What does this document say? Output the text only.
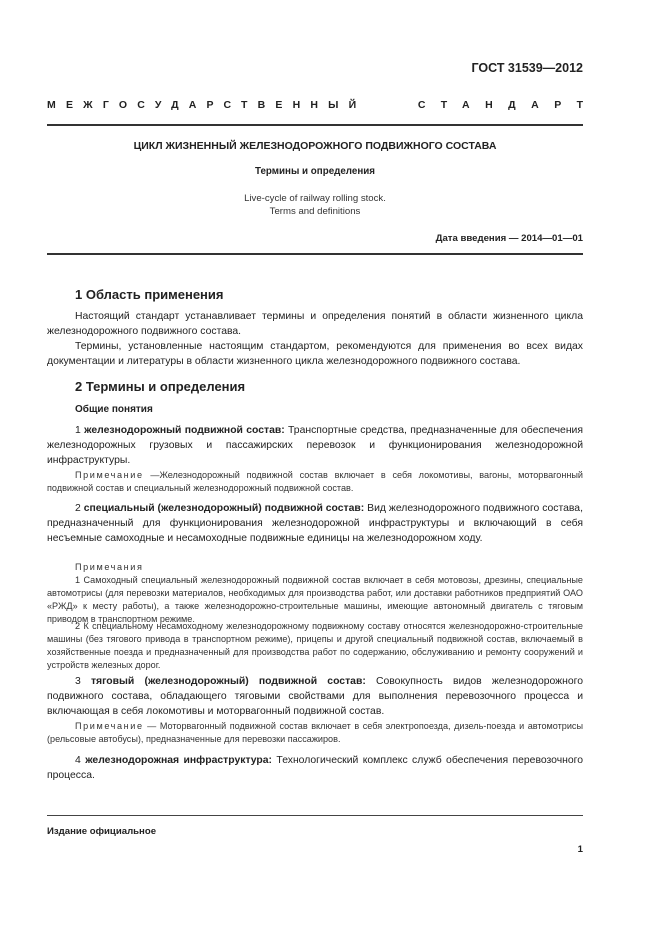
ГОСТ 31539—2012
МЕЖГОСУДАРСТВЕННЫЙ	СТАНДАРТ
ЦИКЛ ЖИЗНЕННЫЙ ЖЕЛЕЗНОДОРОЖНОГО ПОДВИЖНОГО СОСТАВА
Термины и определения
Live-cycle of railway rolling stock.
Terms and definitions
Дата введения — 2014—01—01
1 Область применения
Настоящий стандарт устанавливает термины и определения понятий в области жизненного цикла железнодорожного подвижного состава.
Термины, установленные настоящим стандартом, рекомендуются для применения во всех видах документации и литературы в области жизненного цикла железнодорожного подвижного состава.
2 Термины и определения
Общие понятия
1 железнодорожный подвижной состав: Транспортные средства, предназначенные для обеспечения железнодорожных грузовых и пассажирских перевозок и функционирования железнодорожной инфраструктуры.
Примечание —Железнодорожный подвижной состав включает в себя локомотивы, вагоны, моторвагонный подвижной состав и специальный железнодорожный подвижной состав.
2 специальный (железнодорожный) подвижной состав: Вид железнодорожного подвижного состава, предназначенный для функционирования железнодорожной инфраструктуры и включающий в себя несъемные самоходные и несамоходные подвижные единицы на железнодорожном ходу.
Примечания
1 Самоходный специальный железнодорожный подвижной состав включает в себя мотовозы, дрезины, специальные автомотрисы (для перевозки материалов, необходимых для производства работ, или доставки работников предприятий ОАО «РЖД» к месту работы), а также железнодорожно-строительные машины, имеющие автономный двигатель с тяговым приводом в транспортном режиме.
2 К специальному несамоходному железнодорожному подвижному составу относятся железнодорожно-строительные машины (без тягового привода в транспортном режиме), прицепы и другой специальный подвижной состав, включаемый в хозяйственные поезда и предназначенный для производства работ по содержанию, обслуживанию и ремонту сооружений и устройств железных дорог.
3 тяговый (железнодорожный) подвижной состав: Совокупность видов железнодорожного подвижного состава, обладающего тяговыми свойствами для выполнения перевозочного процесса и включающая в себя локомотивы и моторвагонный подвижной состав.
Примечание — Моторвагонный подвижной состав включает в себя электропоезда, дизель-поезда и автомотрисы (рельсовые автобусы), предназначенные для перевозки пассажиров.
4 железнодорожная инфраструктура: Технологический комплекс служб обеспечения перевозочного процесса.
Издание официальное
1
